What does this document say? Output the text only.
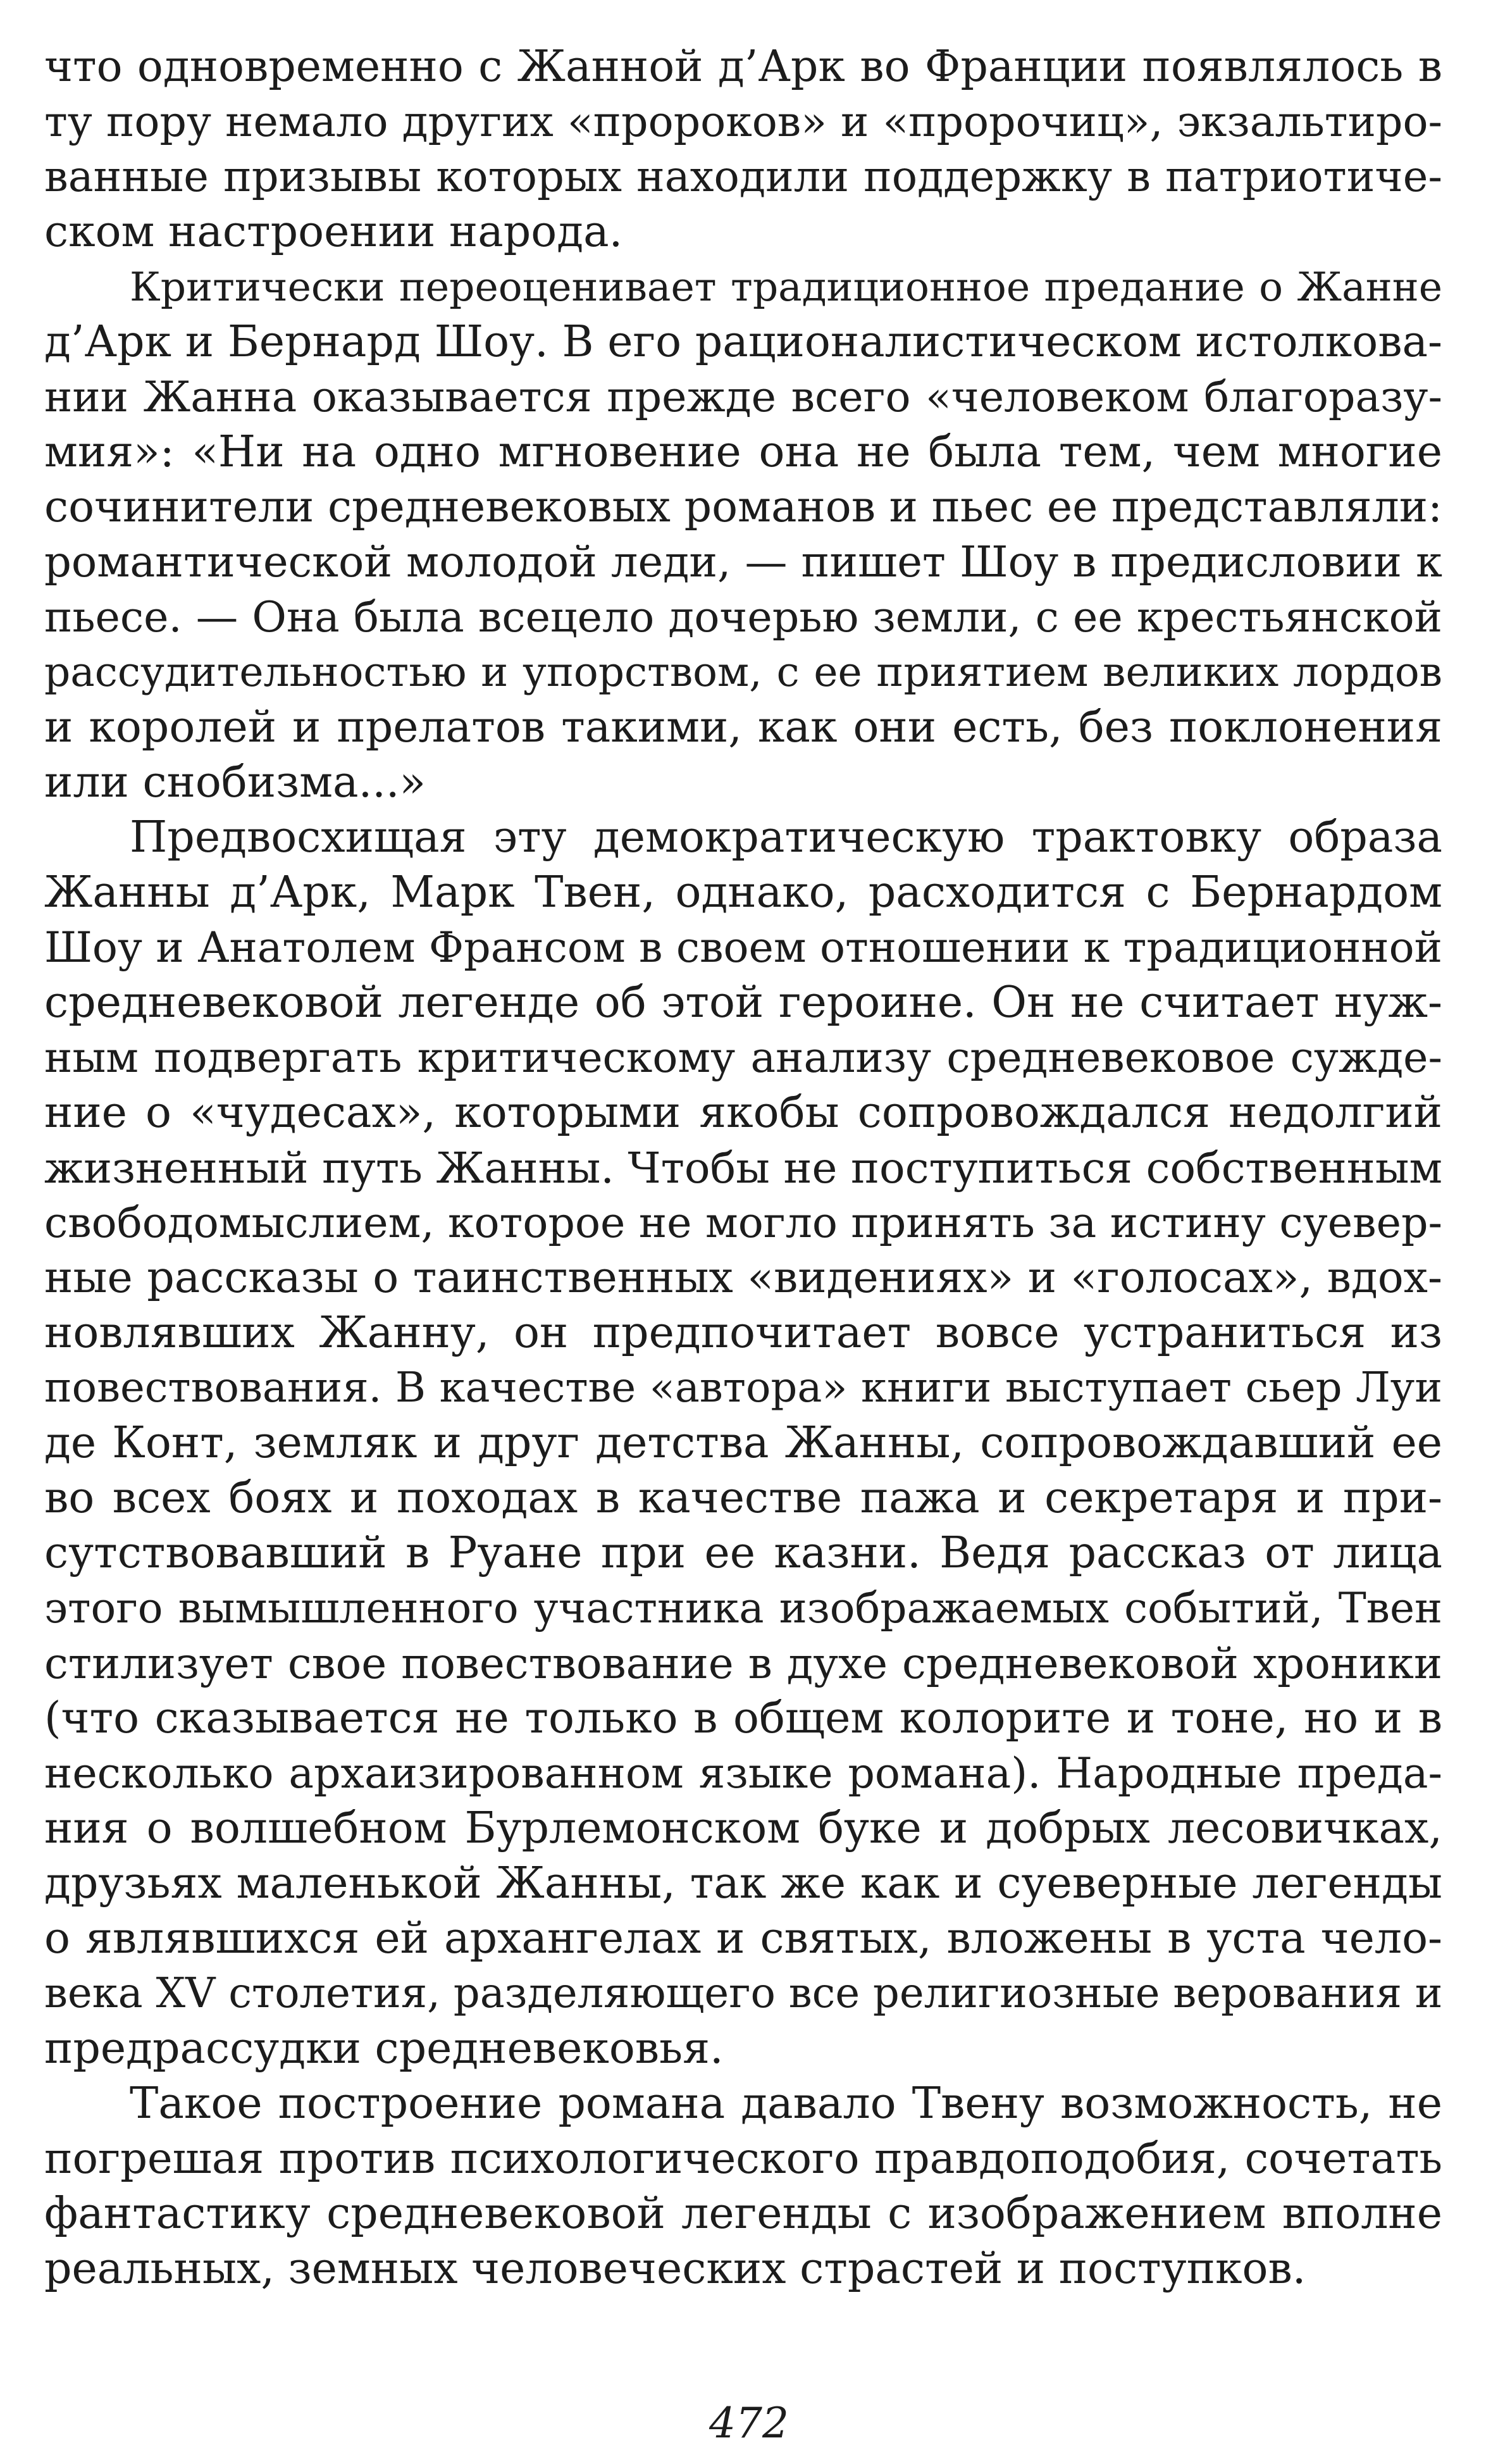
что одновременно с Жанной д’Арк во Франции появлялось в
ту пору немало других «пророков» и «пророчиц», экзальтиро-
ванные призывы которых находили поддержку в патриотиче-
ском настроении народа.
Критически переоценивает традиционное предание о Жанне
д’Арк и Бернард Шоу. В его рационалистическом истолкова-
нии Жанна оказывается прежде всего «человеком благоразу-
мия»: «Ни на одно мгновение она не была тем, чем многие
сочинители средневековых романов и пьес ее представляли:
романтической молодой леди, — пишет Шоу в предисловии к
пьесе. — Она была всецело дочерью земли, с ее крестьянской
рассудительностью и упорством, с ее приятием великих лордов
и королей и прелатов такими, как они есть, без поклонения
или снобизма...»
Предвосхищая эту демократическую трактовку образа
Жанны д’Арк, Марк Твен, однако, расходится с Бернардом
Шоу и Анатолем Франсом в своем отношении к традиционной
средневековой легенде об этой героине. Он не считает нуж-
ным подвергать критическому анализу средневековое сужде-
ние о «чудесах», которыми якобы сопровождался недолгий
жизненный путь Жанны. Чтобы не поступиться собственным
свободомыслием, которое не могло принять за истину суевер-
ные рассказы о таинственных «видениях» и «голосах», вдох-
новлявших Жанну, он предпочитает вовсе устраниться из
повествования. В качестве «автора» книги выступает сьер Луи
де Конт, земляк и друг детства Жанны, сопровождавший ее
во всех боях и походах в качестве пажа и секретаря и при-
сутствовавший в Руане при ее казни. Ведя рассказ от лица
этого вымышленного участника изображаемых событий, Твен
стилизует свое повествование в духе средневековой хроники
(что сказывается не только в общем колорите и тоне, но и в
несколько архаизированном языке романа). Народные преда-
ния о волшебном Бурлемонском буке и добрых лесовичках,
друзьях маленькой Жанны, так же как и суеверные легенды
о являвшихся ей архангелах и святых, вложены в уста чело-
века XV столетия, разделяющего все религиозные верования и
предрассудки средневековья.
Такое построение романа давало Твену возможность, не
погрешая против психологического правдоподобия, сочетать
фантастику средневековой легенды с изображением вполне
реальных, земных человеческих страстей и поступков.
472
